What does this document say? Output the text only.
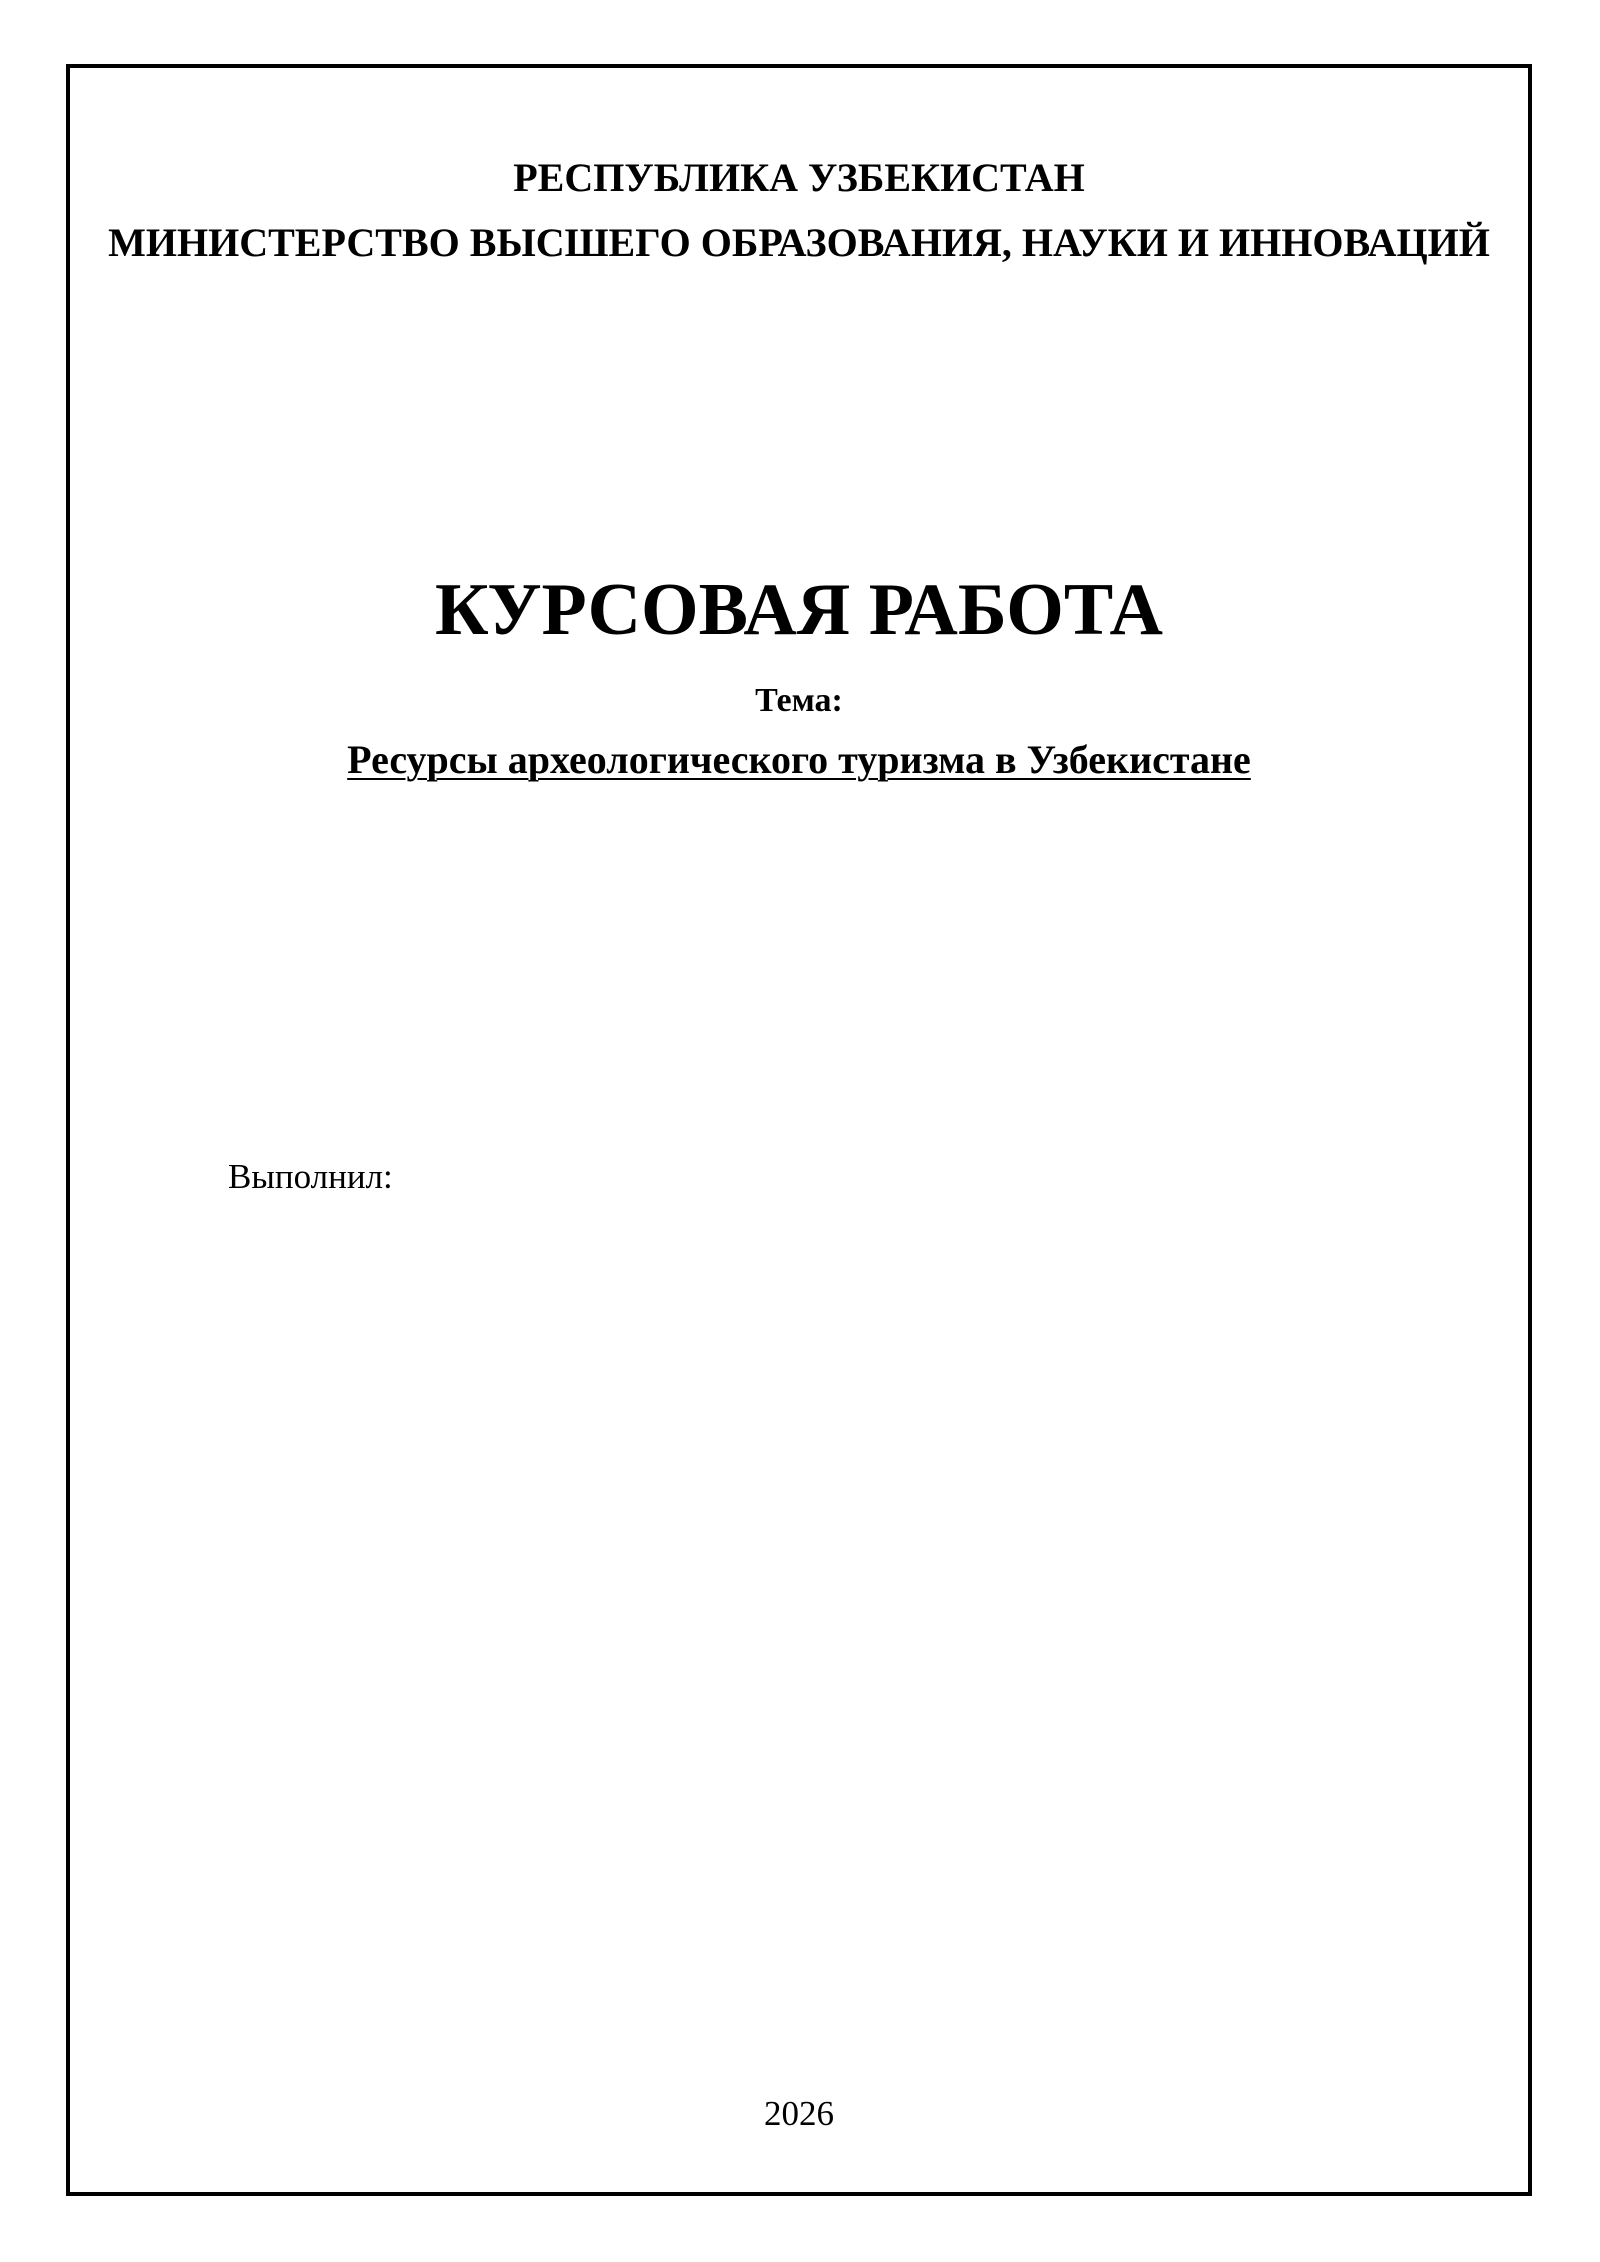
РЕСПУБЛИКА УЗБЕКИСТАН
МИНИСТЕРСТВО ВЫСШЕГО ОБРАЗОВАНИЯ, НАУКИ И ИННОВАЦИЙ
КУРСОВАЯ РАБОТА

Тема:

Ресурсы археологического туризма в Узбекистане

Выполнил:

2026
